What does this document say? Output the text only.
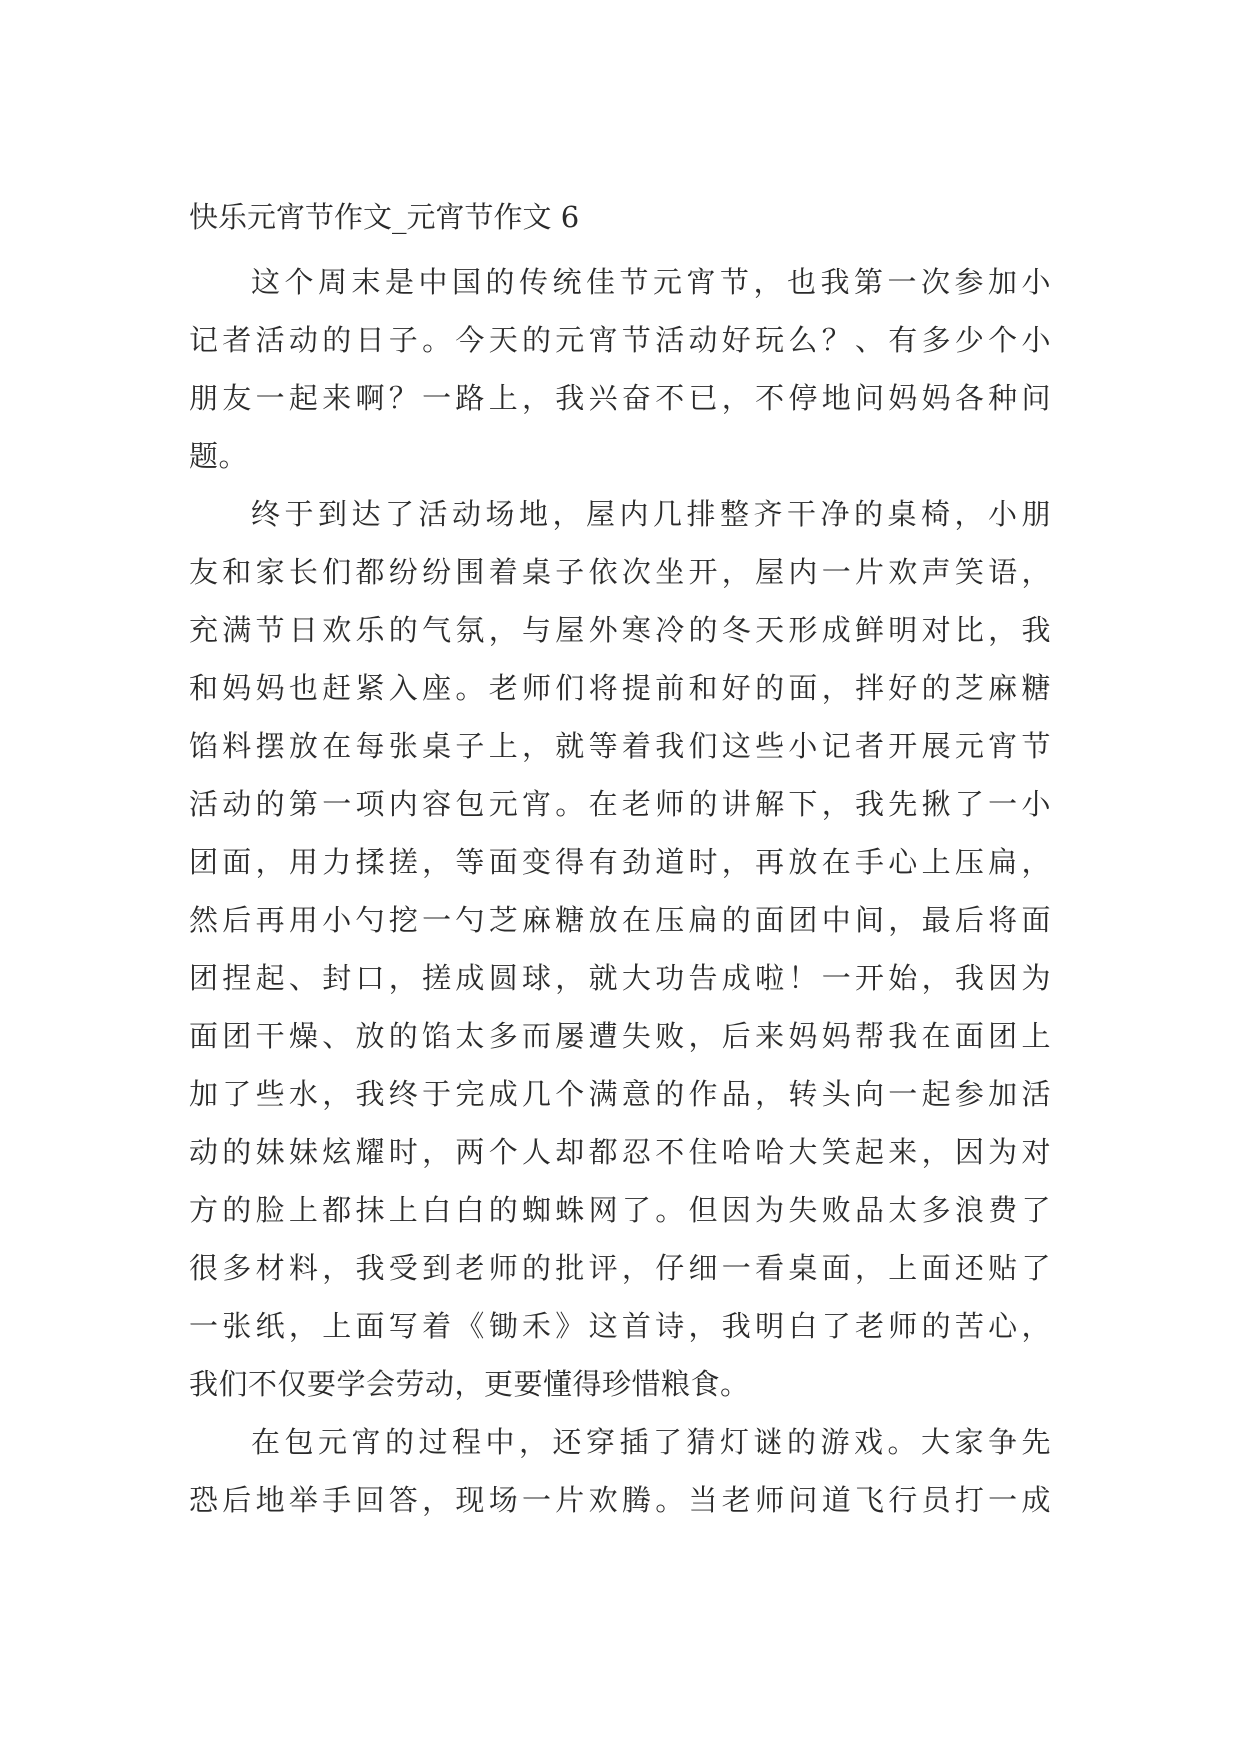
快乐元宵节作文_元宵节作文 6
这个周末是中国的传统佳节元宵节，也我第一次参加小
记者活动的日子。今天的元宵节活动好玩么？、有多少个小
朋友一起来啊？一路上，我兴奋不已，不停地问妈妈各种问
题。
终于到达了活动场地，屋内几排整齐干净的桌椅，小朋
友和家长们都纷纷围着桌子依次坐开，屋内一片欢声笑语，
充满节日欢乐的气氛，与屋外寒冷的冬天形成鲜明对比，我
和妈妈也赶紧入座。老师们将提前和好的面，拌好的芝麻糖
馅料摆放在每张桌子上，就等着我们这些小记者开展元宵节
活动的第一项内容包元宵。在老师的讲解下，我先揪了一小
团面，用力揉搓，等面变得有劲道时，再放在手心上压扁，
然后再用小勺挖一勺芝麻糖放在压扁的面团中间，最后将面
团捏起、封口，搓成圆球，就大功告成啦！一开始，我因为
面团干燥、放的馅太多而屡遭失败，后来妈妈帮我在面团上
加了些水，我终于完成几个满意的作品，转头向一起参加活
动的妹妹炫耀时，两个人却都忍不住哈哈大笑起来，因为对
方的脸上都抹上白白的蜘蛛网了。但因为失败品太多浪费了
很多材料，我受到老师的批评，仔细一看桌面，上面还贴了
一张纸，上面写着《锄禾》这首诗，我明白了老师的苦心，
我们不仅要学会劳动，更要懂得珍惜粮食。
在包元宵的过程中，还穿插了猜灯谜的游戏。大家争先
恐后地举手回答，现场一片欢腾。当老师问道飞行员打一成
